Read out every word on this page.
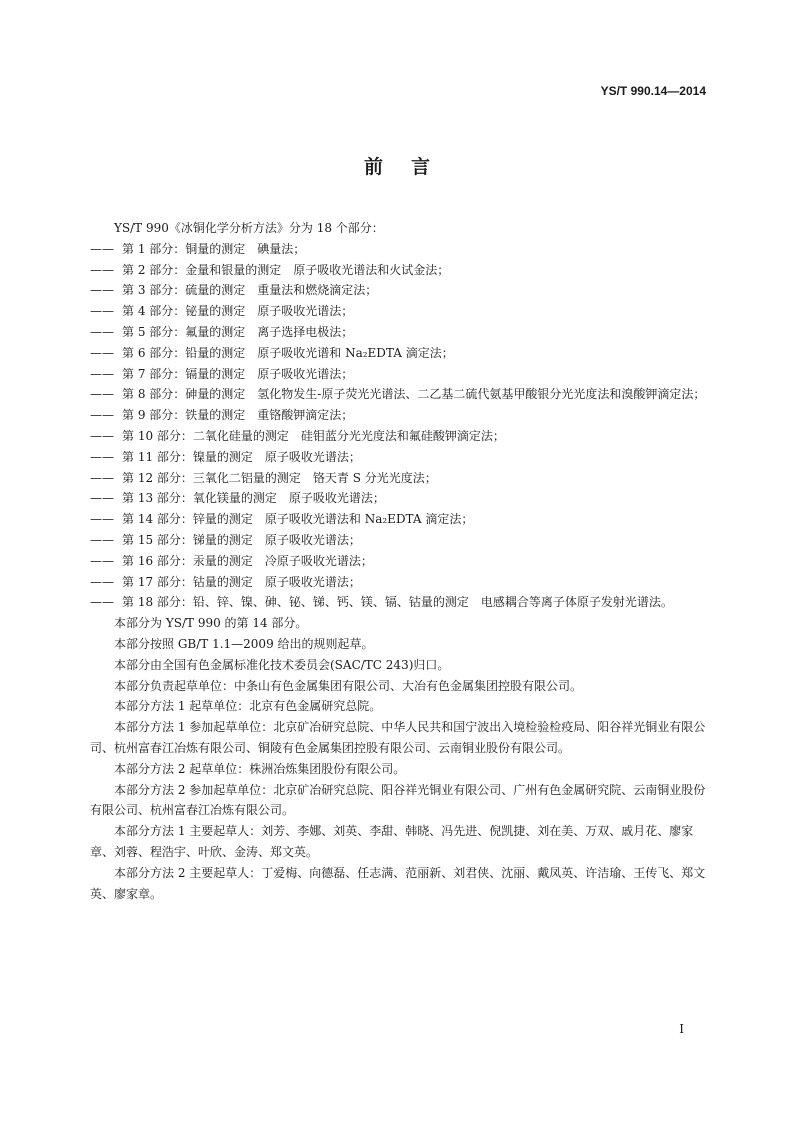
YS/T 990.14—2014
前言

YS/T 990《冰铜化学分析方法》分为 18 个部分：

—— 第 1 部分：铜量的测定　碘量法；

—— 第 2 部分：金量和银量的测定　原子吸收光谱法和火试金法；

—— 第 3 部分：硫量的测定　重量法和燃烧滴定法；

—— 第 4 部分：铋量的测定　原子吸收光谱法；

—— 第 5 部分：氟量的测定　离子选择电极法；

—— 第 6 部分：铅量的测定　原子吸收光谱和 Na₂EDTA 滴定法；

—— 第 7 部分：镉量的测定　原子吸收光谱法；

—— 第 8 部分：砷量的测定　氢化物发生-原子荧光光谱法、二乙基二硫代氨基甲酸银分光光度法和溴酸钾滴定法；

—— 第 9 部分：铁量的测定　重铬酸钾滴定法；

—— 第 10 部分：二氧化硅量的测定　硅钼蓝分光光度法和氟硅酸钾滴定法；

—— 第 11 部分：镍量的测定　原子吸收光谱法；

—— 第 12 部分：三氧化二铝量的测定　铬天青 S 分光光度法；

—— 第 13 部分：氧化镁量的测定　原子吸收光谱法；

—— 第 14 部分：锌量的测定　原子吸收光谱法和 Na₂EDTA 滴定法；

—— 第 15 部分：锑量的测定　原子吸收光谱法；

—— 第 16 部分：汞量的测定　冷原子吸收光谱法；

—— 第 17 部分：钴量的测定　原子吸收光谱法；

—— 第 18 部分：铅、锌、镍、砷、铋、锑、钙、镁、镉、钴量的测定　电感耦合等离子体原子发射光谱法。

本部分为 YS/T 990 的第 14 部分。

本部分按照 GB/T 1.1—2009 给出的规则起草。

本部分由全国有色金属标准化技术委员会(SAC/TC 243)归口。

本部分负责起草单位：中条山有色金属集团有限公司、大冶有色金属集团控股有限公司。

本部分方法 1 起草单位：北京有色金属研究总院。

本部分方法 1 参加起草单位：北京矿冶研究总院、中华人民共和国宁波出入境检验检疫局、阳谷祥光铜业有限公司、杭州富春江冶炼有限公司、铜陵有色金属集团控股有限公司、云南铜业股份有限公司。

本部分方法 2 起草单位：株洲冶炼集团股份有限公司。

本部分方法 2 参加起草单位：北京矿冶研究总院、阳谷祥光铜业有限公司、广州有色金属研究院、云南铜业股份有限公司、杭州富春江冶炼有限公司。

本部分方法 1 主要起草人：刘芳、李娜、刘英、李甜、韩晓、冯先进、倪凯捷、刘在美、万双、戚月花、廖家章、刘蓉、程浩宇、叶欣、金涛、郑文英。

本部分方法 2 主要起草人：丁爱梅、向德磊、任志满、范丽新、刘君侠、沈丽、戴凤英、许洁瑜、王传飞、郑文英、廖家章。

I
